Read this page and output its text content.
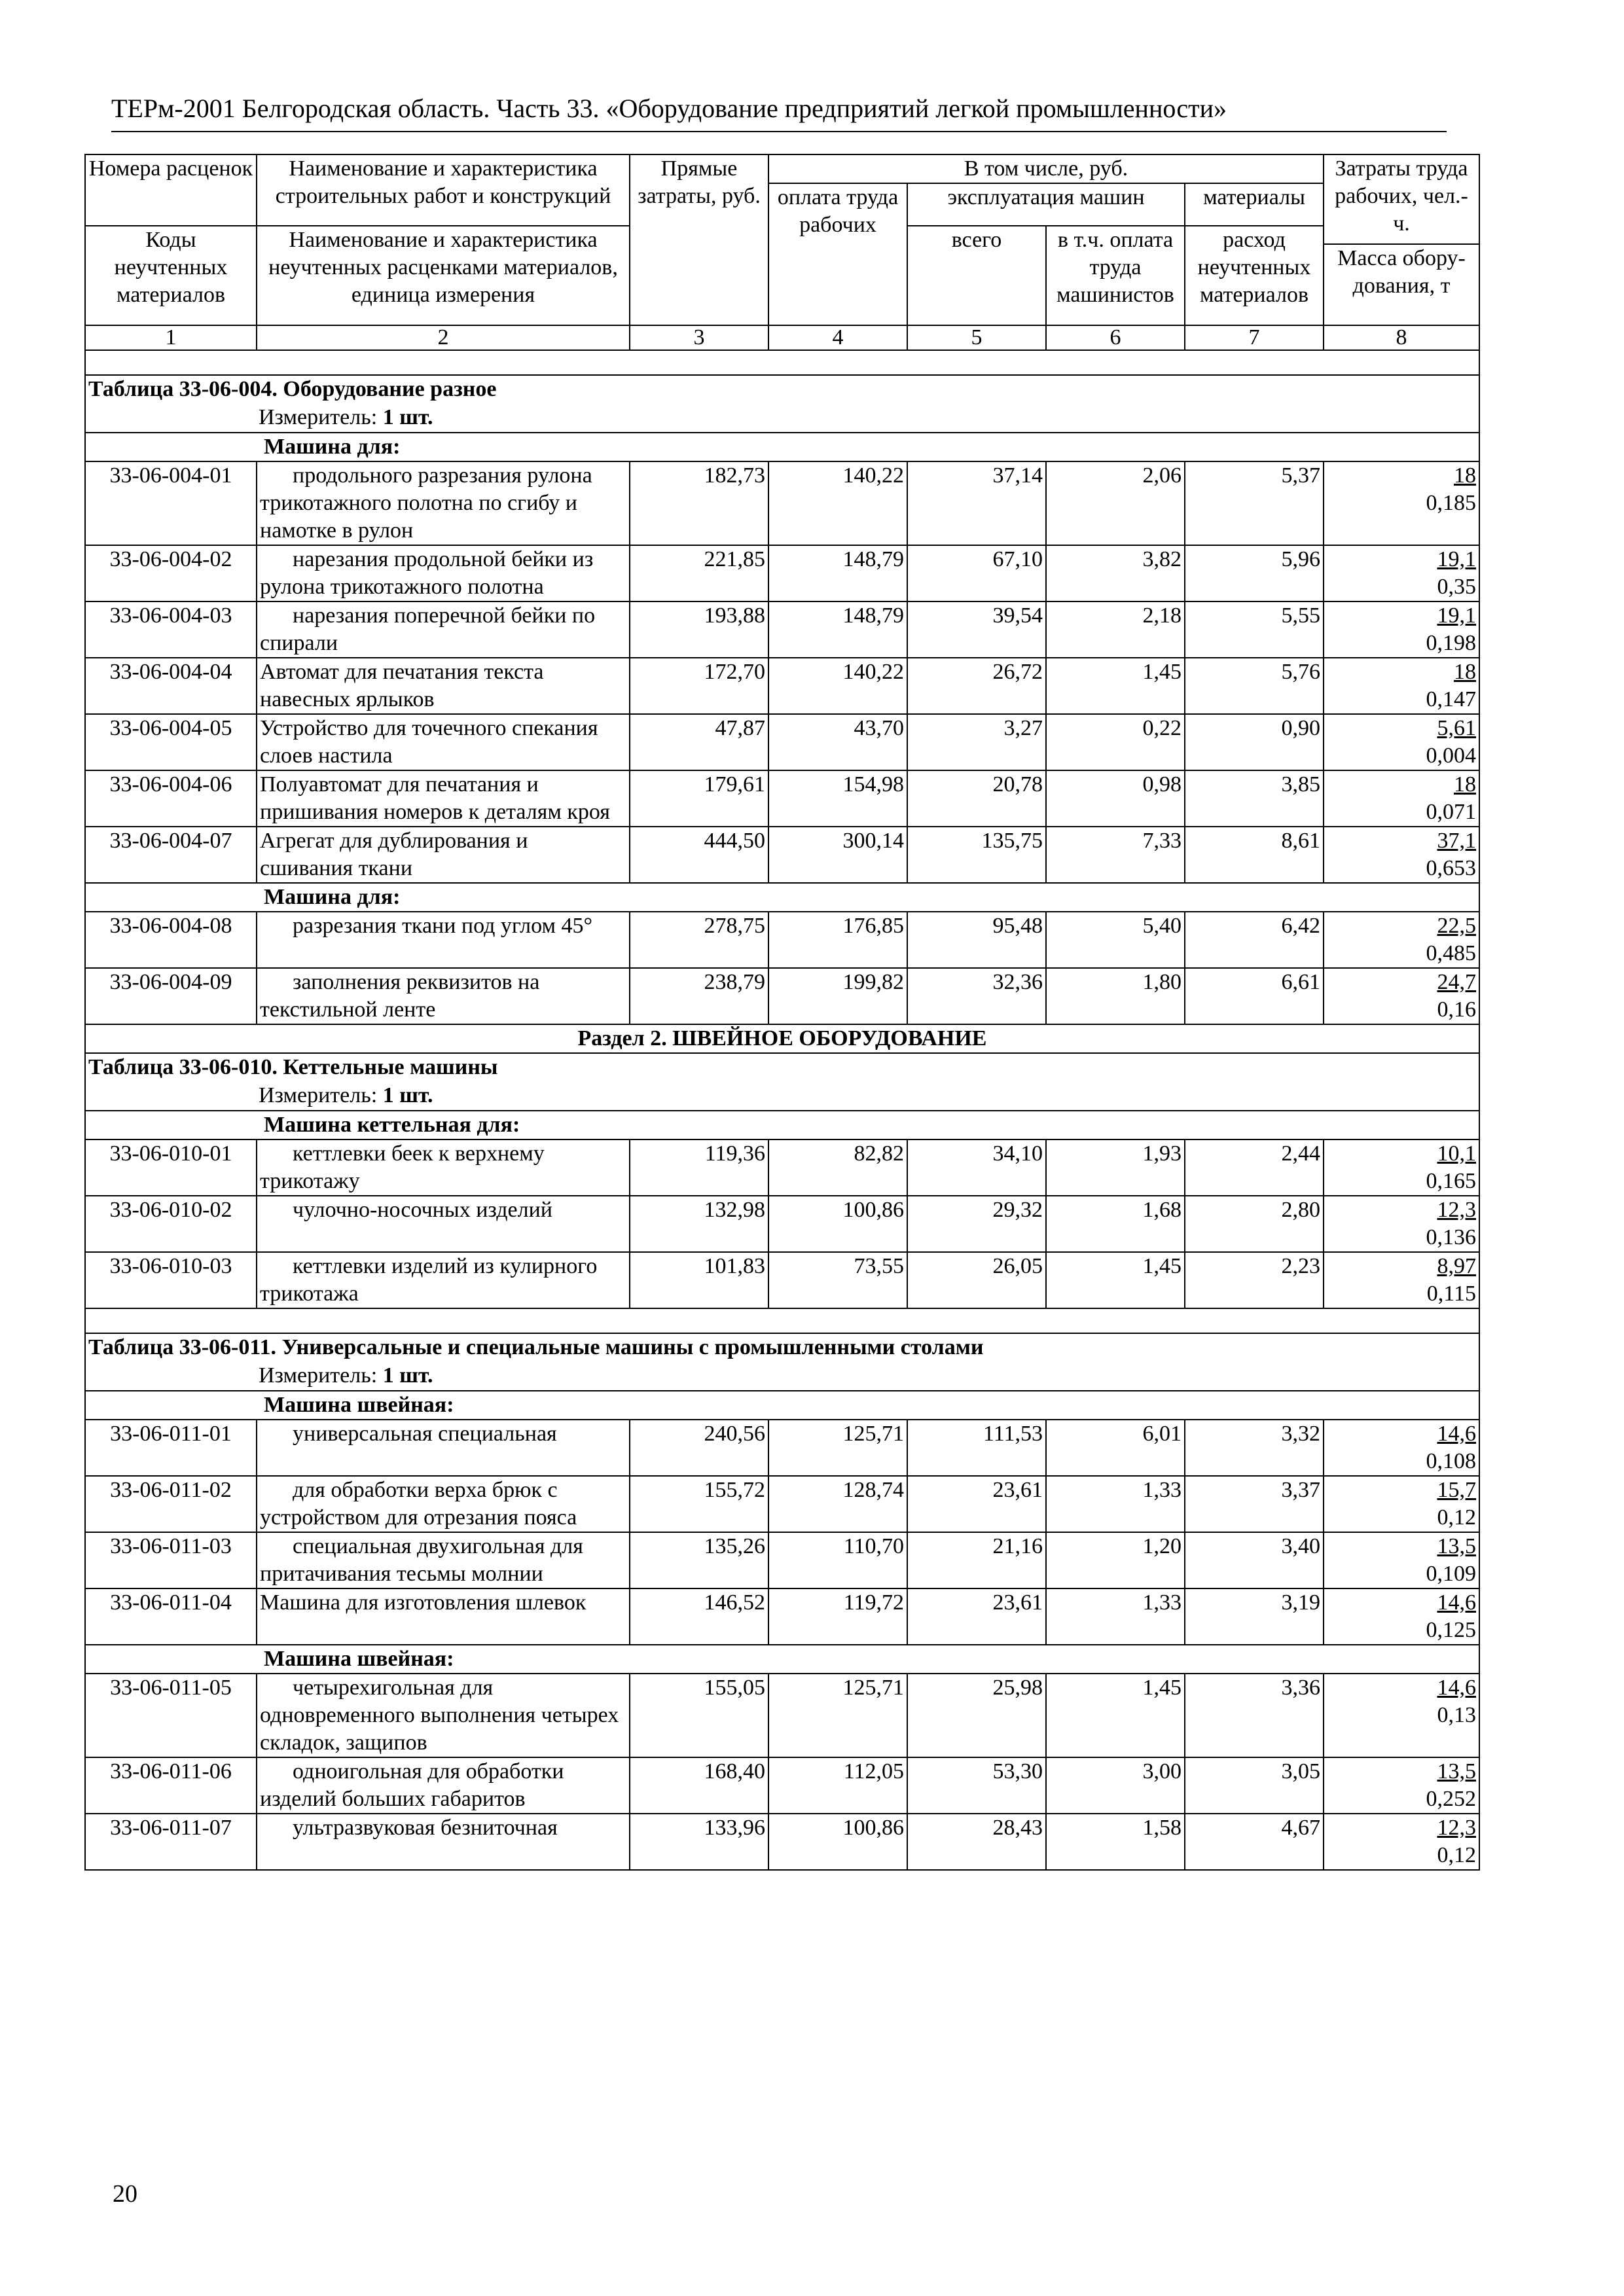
ТЕРм-2001 Белгородская область. Часть 33. «Оборудование предприятий легкой промышленности»
Номера расценок	Наименование и характеристика строительных работ и конструкций	Прямые затраты, руб.	В том числе, руб.				Затраты труда рабочих, чел.-ч.
			оплата труда рабочих	эксплуатация машин		материалы	
Коды неучтенных материалов	Наименование и характеристика неучтенных расценками материалов, единица измерения			всего	в т.ч. оплата труда машинистов	расход неучтенных материалов	
							Масса обору-дования, т
1	2	3	4	5	6	7	8

Таблица 33-06-004. Оборудование разное
Измеритель: 1 шт.							

Машина для:							
33-06-004-01	продольного разрезания рулона трикотажного полотна по сгибу и намотке в рулон	182,73	140,22	37,14	2,06	5,37	18
0,185

33-06-004-02	нарезания продольной бейки из рулона трикотажного полотна	221,85	148,79	67,10	3,82	5,96	19,1
0,35

33-06-004-03	нарезания поперечной бейки по спирали	193,88	148,79	39,54	2,18	5,55	19,1
0,198

33-06-004-04	Автомат для печатания текста навесных ярлыков	172,70	140,22	26,72	1,45	5,76	18
0,147

33-06-004-05	Устройство для точечного спекания слоев настила	47,87	43,70	3,27	0,22	0,90	5,61
0,004

33-06-004-06	Полуавтомат для печатания и пришивания номеров к деталям кроя	179,61	154,98	20,78	0,98	3,85	18
0,071

33-06-004-07	Агрегат для дублирования и сшивания ткани	444,50	300,14	135,75	7,33	8,61	37,1
0,653

Машина для:							
33-06-004-08	разрезания ткани под углом 45°	278,75	176,85	95,48	5,40	6,42	22,5
0,485

33-06-004-09	заполнения реквизитов на текстильной ленте	238,79	199,82	32,36	1,80	6,61	24,7
0,16

Раздел 2. ШВЕЙНОЕ ОБОРУДОВАНИЕ							
Таблица 33-06-010. Кеттельные машины
Измеритель: 1 шт.							

Машина кеттельная для:							
33-06-010-01	кеттлевки беек к верхнему трикотажу	119,36	82,82	34,10	1,93	2,44	10,1
0,165

33-06-010-02	чулочно-носочных изделий	132,98	100,86	29,32	1,68	2,80	12,3
0,136

33-06-010-03	кеттлевки изделий из кулирного трикотажа	101,83	73,55	26,05	1,45	2,23	8,97
0,115

Таблица 33-06-011. Универсальные и специальные машины с промышленными столами
Измеритель: 1 шт.							

Машина швейная:							
33-06-011-01	универсальная специальная	240,56	125,71	111,53	6,01	3,32	14,6
0,108

33-06-011-02	для обработки верха брюк с устройством для отрезания пояса	155,72	128,74	23,61	1,33	3,37	15,7
0,12

33-06-011-03	специальная двухигольная для притачивания тесьмы молнии	135,26	110,70	21,16	1,20	3,40	13,5
0,109

33-06-011-04	Машина для изготовления шлевок	146,52	119,72	23,61	1,33	3,19	14,6
0,125

Машина швейная:							
33-06-011-05	четырехигольная для одновременного выполнения четырех складок, защипов	155,05	125,71	25,98	1,45	3,36	14,6
0,13

33-06-011-06	одноигольная для обработки изделий больших габаритов	168,40	112,05	53,30	3,00	3,05	13,5
0,252

33-06-011-07	ультразвуковая безниточная	133,96	100,86	28,43	1,58	4,67	12,3
0,12
20
